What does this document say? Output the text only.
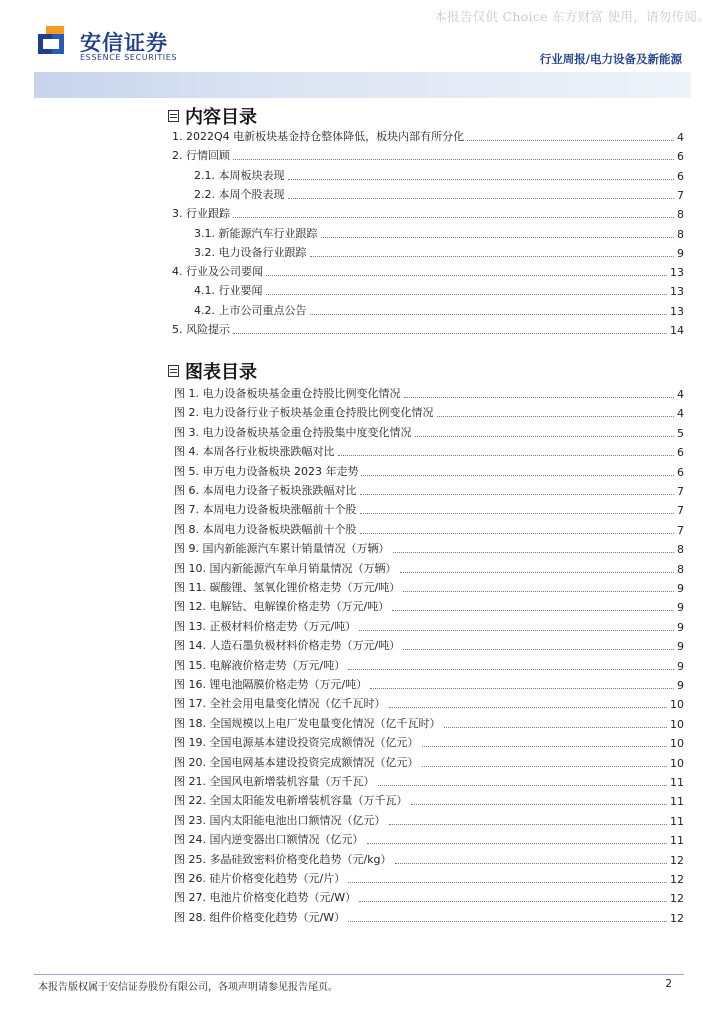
本报告仅供 Choice 东方财富 使用，请勿传阅。
安信证券
ESSENCE SECURITIES	行业周报/电力设备及新能源
内容目录
1. 2022Q4 电新板块基金持仓整体降低，板块内部有所分化	4
2. 行情回顾	6
2.1. 本周板块表现	6
2.2. 本周个股表现	7
3. 行业跟踪	8
3.1. 新能源汽车行业跟踪	8
3.2. 电力设备行业跟踪	9
4. 行业及公司要闻	13
4.1. 行业要闻	13
4.2. 上市公司重点公告	13
5. 风险提示	14
图表目录
图 1. 电力设备板块基金重仓持股比例变化情况	4
图 2. 电力设备行业子板块基金重仓持股比例变化情况	4
图 3. 电力设备板块基金重仓持股集中度变化情况	5
图 4. 本周各行业板块涨跌幅对比	6
图 5. 申万电力设备板块 2023 年走势	6
图 6. 本周电力设备子板块涨跌幅对比	7
图 7. 本周电力设备板块涨幅前十个股	7
图 8. 本周电力设备板块跌幅前十个股	7
图 9. 国内新能源汽车累计销量情况（万辆）	8
图 10. 国内新能源汽车单月销量情况（万辆）	8
图 11. 碳酸锂、氢氧化锂价格走势（万元/吨）	9
图 12. 电解钴、电解镍价格走势（万元/吨）	9
图 13. 正极材料价格走势（万元/吨）	9
图 14. 人造石墨负极材料价格走势（万元/吨）	9
图 15. 电解液价格走势（万元/吨）	9
图 16. 锂电池隔膜价格走势（万元/吨）	9
图 17. 全社会用电量变化情况（亿千瓦时）	10
图 18. 全国规模以上电厂发电量变化情况（亿千瓦时）	10
图 19. 全国电源基本建设投资完成额情况（亿元）	10
图 20. 全国电网基本建设投资完成额情况（亿元）	10
图 21. 全国风电新增装机容量（万千瓦）	11
图 22. 全国太阳能发电新增装机容量（万千瓦）	11
图 23. 国内太阳能电池出口额情况（亿元）	11
图 24. 国内逆变器出口额情况（亿元）	11
图 25. 多晶硅致密料价格变化趋势（元/kg）	12
图 26. 硅片价格变化趋势（元/片）	12
图 27. 电池片价格变化趋势（元/W）	12
图 28. 组件价格变化趋势（元/W）	12
本报告版权属于安信证券股份有限公司，各项声明请参见报告尾页。	2
